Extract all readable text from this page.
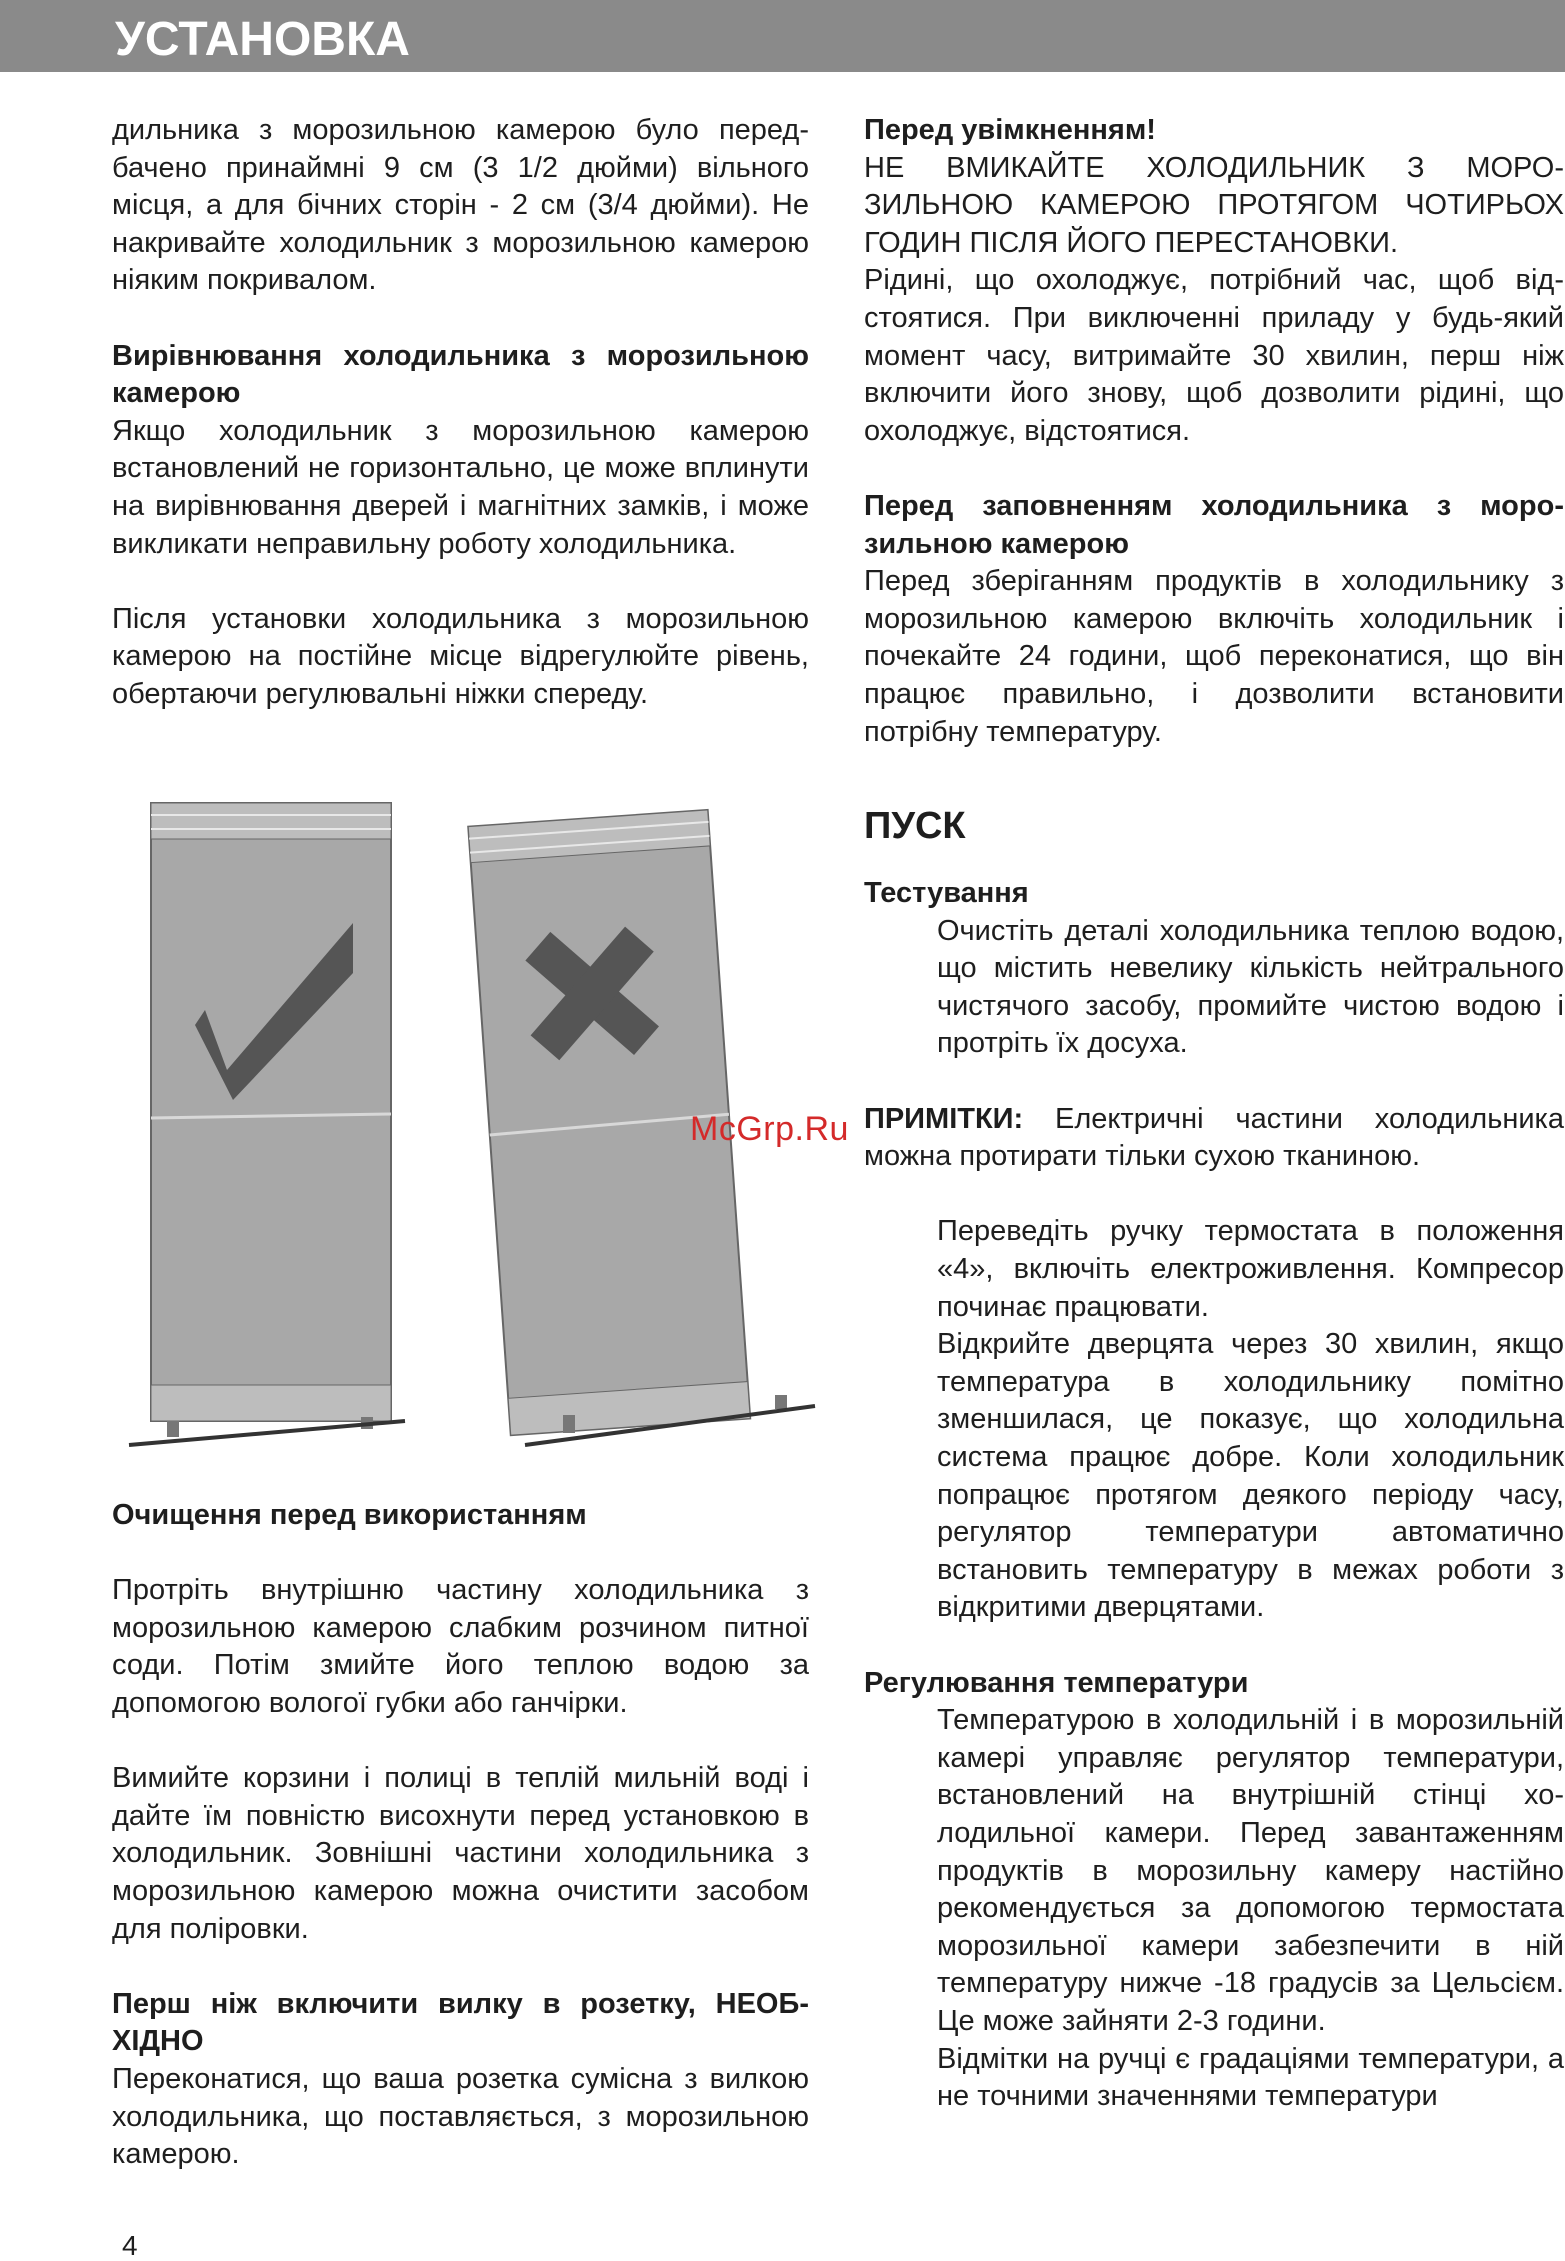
УСТАНОВКА

дильника з морозильною камерою було передбачено принаймні 9 см (3 1/2 дюйми) вільного місця, а для бічних сторін - 2 см (3/4 дюйми). Не накривайте холодильник з морозильною камерою ніяким покривалом.

Вирівнювання холодильника з морозильною камерою

Якщо холодильник з морозильною камерою встановлений не горизонтально, це може вплинути на вирівнювання дверей і магнітних замків, і може викликати неправильну роботу холодильника.

Після установки холодильника з морозильною камерою на постійне місце відрегулюйте рівень, обертаючи регулювальні ніжки спереду.

McGrp.Ru

Очищення перед використанням

Протріть внутрішню частину холодильника з морозильною камерою слабким розчином питної соди. Потім змийте його теплою водою за допомогою вологої губки або ганчірки.

Вимийте корзини і полиці в теплій мильній воді і дайте їм повністю висохнути перед установкою в холодильник. Зовнішні частини холодильника з морозильною камерою можна очистити засобом для поліровки.

Перш ніж включити вилку в розетку, НЕОБХІДНО

Переконатися, що ваша розетка сумісна з вилкою холодильника, що поставляється, з морозильною камерою.

Перед увімкненням!

НЕ ВМИКАЙТЕ ХОЛОДИЛЬНИК З МОРОЗИЛЬНОЮ КАМЕРОЮ ПРОТЯГОМ ЧОТИРЬОХ ГОДИН ПІСЛЯ ЙОГО ПЕРЕСТАНОВКИ.

Рідині, що охолоджує, потрібний час, щоб відстоятися. При виключенні приладу у будь-який момент часу, витримайте 30 хвилин, перш ніж включити його знову, щоб дозволити рідині, що охолоджує, відстоятися.

Перед заповненням холодильника з морозильною камерою

Перед зберіганням продуктів в холодильнику з морозильною камерою включіть холодильник і почекайте 24 години, щоб переконатися, що він працює правильно, і дозволити встановити потрібну температуру.

ПУСК

Тестування

Очистіть деталі холодильника теплою водою, що містить невелику кількість нейтрального чистячого засобу, промийте чистою водою і протріть їх досуха.

ПРИМІТКИ: Електричні частини холодильника можна протирати тільки сухою тканиною.

Переведіть ручку термостата в положення «4», включіть електроживлення. Компресор починає працювати.

Відкрийте дверцята через 30 хвилин, якщо температура в холодильнику помітно зменшилася, це показує, що холодильна система працює добре. Коли холодильник попрацює протягом деякого періоду часу, регулятор температури автоматично встановить температуру в межах роботи з відкритими дверцятами.

Регулювання температури

Температурою в холодильній і в морозильній камері управляє регулятор температури, встановлений на внутрішній стінці холодильної камери. Перед завантаженням продуктів в морозильну камеру настійно рекомендується за допомогою термостата морозильної камери забезпечити в ній температуру нижче -18 градусів за Цельсієм. Це може зайняти 2-3 години.

Відмітки на ручці є градаціями температури, а не точними значеннями температури

4
